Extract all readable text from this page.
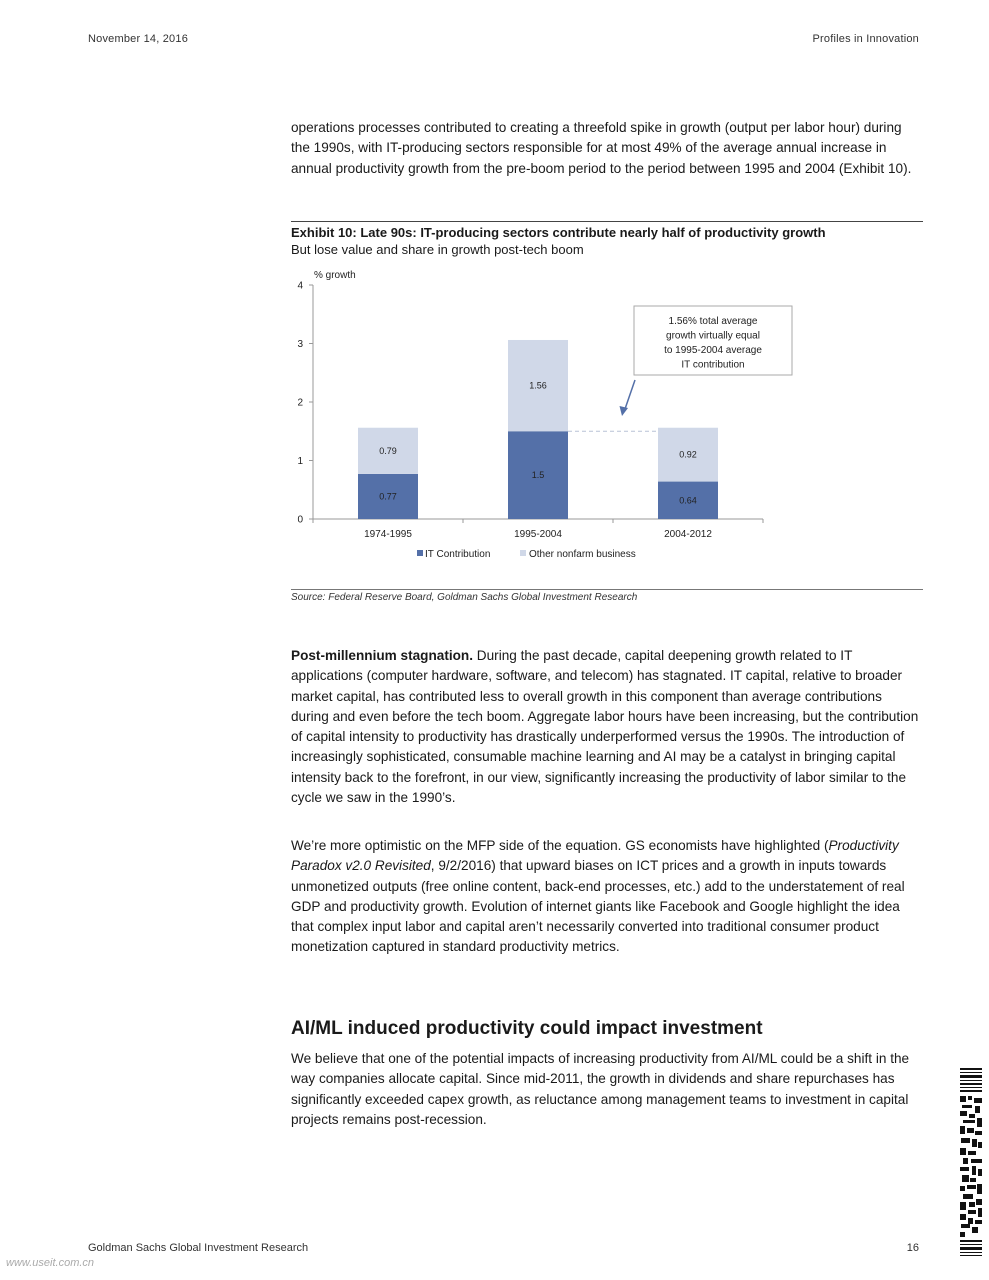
November 14, 2016	Profiles in Innovation

operations processes contributed to creating a threefold spike in growth (output per labor hour) during the 1990s, with IT-producing sectors responsible for at most 49% of the average annual increase in annual productivity growth from the pre-boom period to the period between 1995 and 2004 (Exhibit 10).

Exhibit 10: Late 90s: IT-producing sectors contribute nearly half of productivity growth
But lose value and share in growth post-tech boom
% growth
0
1
2
3
4
0.77
0.79
1974-1995
1.5
1.56
1995-2004
0.64
0.92
2004-2012
1.56% total average
growth virtually equal
to 1995-2004 average
IT contribution
IT Contribution	Other nonfarm business
Source: Federal Reserve Board, Goldman Sachs Global Investment Research

Post-millennium stagnation. During the past decade, capital deepening growth related to IT applications (computer hardware, software, and telecom) has stagnated. IT capital, relative to broader market capital, has contributed less to overall growth in this component than average contributions during and even before the tech boom. Aggregate labor hours have been increasing, but the contribution of capital intensity to productivity has drastically underperformed versus the 1990s. The introduction of increasingly sophisticated, consumable machine learning and AI may be a catalyst in bringing capital intensity back to the forefront, in our view, significantly increasing the productivity of labor similar to the cycle we saw in the 1990’s.

We’re more optimistic on the MFP side of the equation. GS economists have highlighted (Productivity Paradox v2.0 Revisited, 9/2/2016) that upward biases on ICT prices and a growth in inputs towards unmonetized outputs (free online content, back-end processes, etc.) add to the understatement of real GDP and productivity growth. Evolution of internet giants like Facebook and Google highlight the idea that complex input labor and capital aren’t necessarily converted into traditional consumer product monetization captured in standard productivity metrics.

AI/ML induced productivity could impact investment

We believe that one of the potential impacts of increasing productivity from AI/ML could be a shift in the way companies allocate capital. Since mid-2011, the growth in dividends and share repurchases has significantly exceeded capex growth, as reluctance among management teams to investment in capital projects remains post-recession.

Goldman Sachs Global Investment Research	16
www.useit.com.cn
